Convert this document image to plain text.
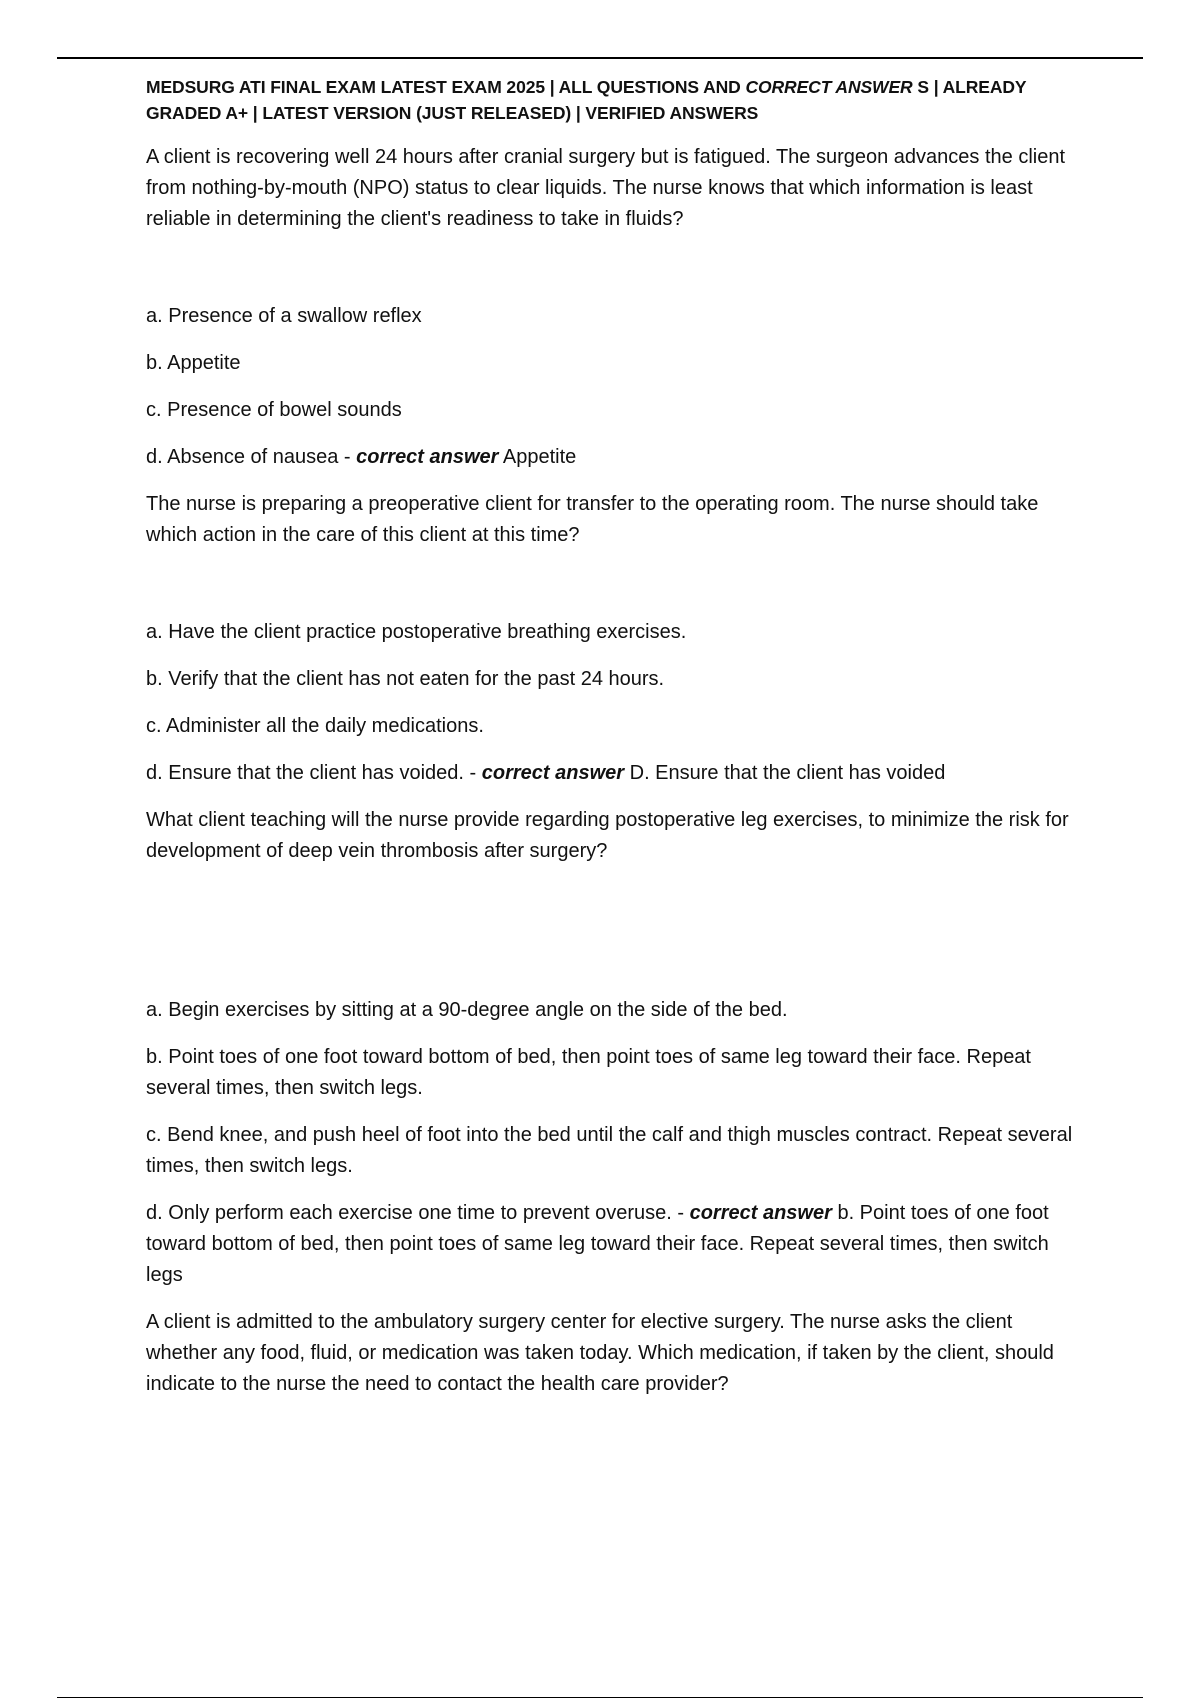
MEDSURG ATI FINAL EXAM LATEST EXAM 2025 | ALL QUESTIONS AND CORRECT ANSWER S | ALREADY GRADED A+ | LATEST VERSION (JUST RELEASED) | VERIFIED ANSWERS

A client is recovering well 24 hours after cranial surgery but is fatigued. The surgeon advances the client from nothing-by-mouth (NPO) status to clear liquids. The nurse knows that which information is least reliable in determining the client's readiness to take in fluids?

a. Presence of a swallow reflex

b. Appetite

c. Presence of bowel sounds

d. Absence of nausea - correct answer Appetite

The nurse is preparing a preoperative client for transfer to the operating room. The nurse should take which action in the care of this client at this time?

a. Have the client practice postoperative breathing exercises.

b. Verify that the client has not eaten for the past 24 hours.

c. Administer all the daily medications.

d. Ensure that the client has voided. - correct answer D. Ensure that the client has voided

What client teaching will the nurse provide regarding postoperative leg exercises, to minimize the risk for development of deep vein thrombosis after surgery?

a. Begin exercises by sitting at a 90-degree angle on the side of the bed.

b. Point toes of one foot toward bottom of bed, then point toes of same leg toward their face. Repeat several times, then switch legs.

c. Bend knee, and push heel of foot into the bed until the calf and thigh muscles contract. Repeat several times, then switch legs.

d. Only perform each exercise one time to prevent overuse. - correct answer b. Point toes of one foot toward bottom of bed, then point toes of same leg toward their face. Repeat several times, then switch legs

A client is admitted to the ambulatory surgery center for elective surgery. The nurse asks the client whether any food, fluid, or medication was taken today. Which medication, if taken by the client, should indicate to the nurse the need to contact the health care provider?
